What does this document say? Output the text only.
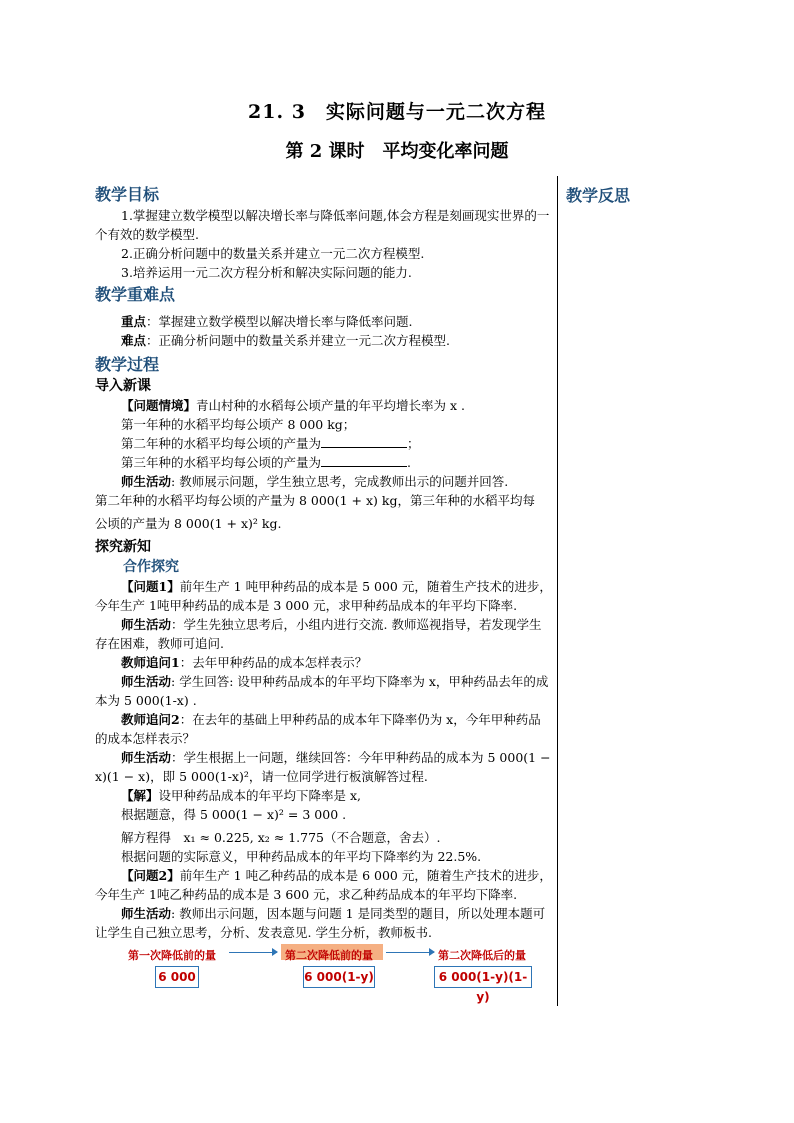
21. 3　实际问题与一元二次方程
第 2 课时　平均变化率问题
教学反思
教学目标

1.掌握建立数学模型以解决增长率与降低率问题,体会方程是刻画现实世界的一个有效的数学模型.

2.正确分析问题中的数量关系并建立一元二次方程模型.

3.培养运用一元二次方程分析和解决实际问题的能力.

教学重难点

重点：掌握建立数学模型以解决增长率与降低率问题.

难点：正确分析问题中的数量关系并建立一元二次方程模型.

教学过程
导入新课

【问题情境】青山村种的水稻每公顷产量的年平均增长率为 x .

第一年种的水稻平均每公顷产 8 000 kg；

第二年种的水稻平均每公顷的产量为	；

第三年种的水稻平均每公顷的产量为	.

师生活动: 教师展示问题，学生独立思考，完成教师出示的问题并回答.

第二年种的水稻平均每公顷的产量为 8 000(1 + x) kg，第三年种的水稻平均每

公顷的产量为 8 000(1 + x)² kg.

探究新知
合作探究

【问题1】前年生产 1 吨甲种药品的成本是 5 000 元，随着生产技术的进步，今年生产 1吨甲种药品的成本是 3 000 元，求甲种药品成本的年平均下降率.

师生活动：学生先独立思考后，小组内进行交流. 教师巡视指导，若发现学生存在困难，教师可追问.

教师追问1：去年甲种药品的成本怎样表示？

师生活动: 学生回答: 设甲种药品成本的年平均下降率为 x，甲种药品去年的成本为 5 000(1-x) .

教师追问2：在去年的基础上甲种药品的成本年下降率仍为 x，今年甲种药品的成本怎样表示？

师生活动：学生根据上一问题，继续回答：今年甲种药品的成本为 5 000(1 − x)(1 − x)，即 5 000(1-x)²，请一位同学进行板演解答过程.

【解】设甲种药品成本的年平均下降率是 x,

根据题意，得 5 000(1 − x)² = 3 000 .

解方程得　x₁ ≈ 0.225, x₂ ≈ 1.775（不合题意，舍去）.

根据问题的实际意义，甲种药品成本的年平均下降率约为 22.5%.

【问题2】前年生产 1 吨乙种药品的成本是 6 000 元，随着生产技术的进步，今年生产 1吨乙种药品的成本是 3 600 元，求乙种药品成本的年平均下降率.

师生活动: 教师出示问题，因本题与问题 1 是同类型的题目，所以处理本题可让学生自己独立思考，分析、发表意见. 学生分析，教师板书.

第一次降低前的量	第二次降低前的量	第二次降低后的量
6 000	6 000(1-y)	6 000(1-y)(1-y)
